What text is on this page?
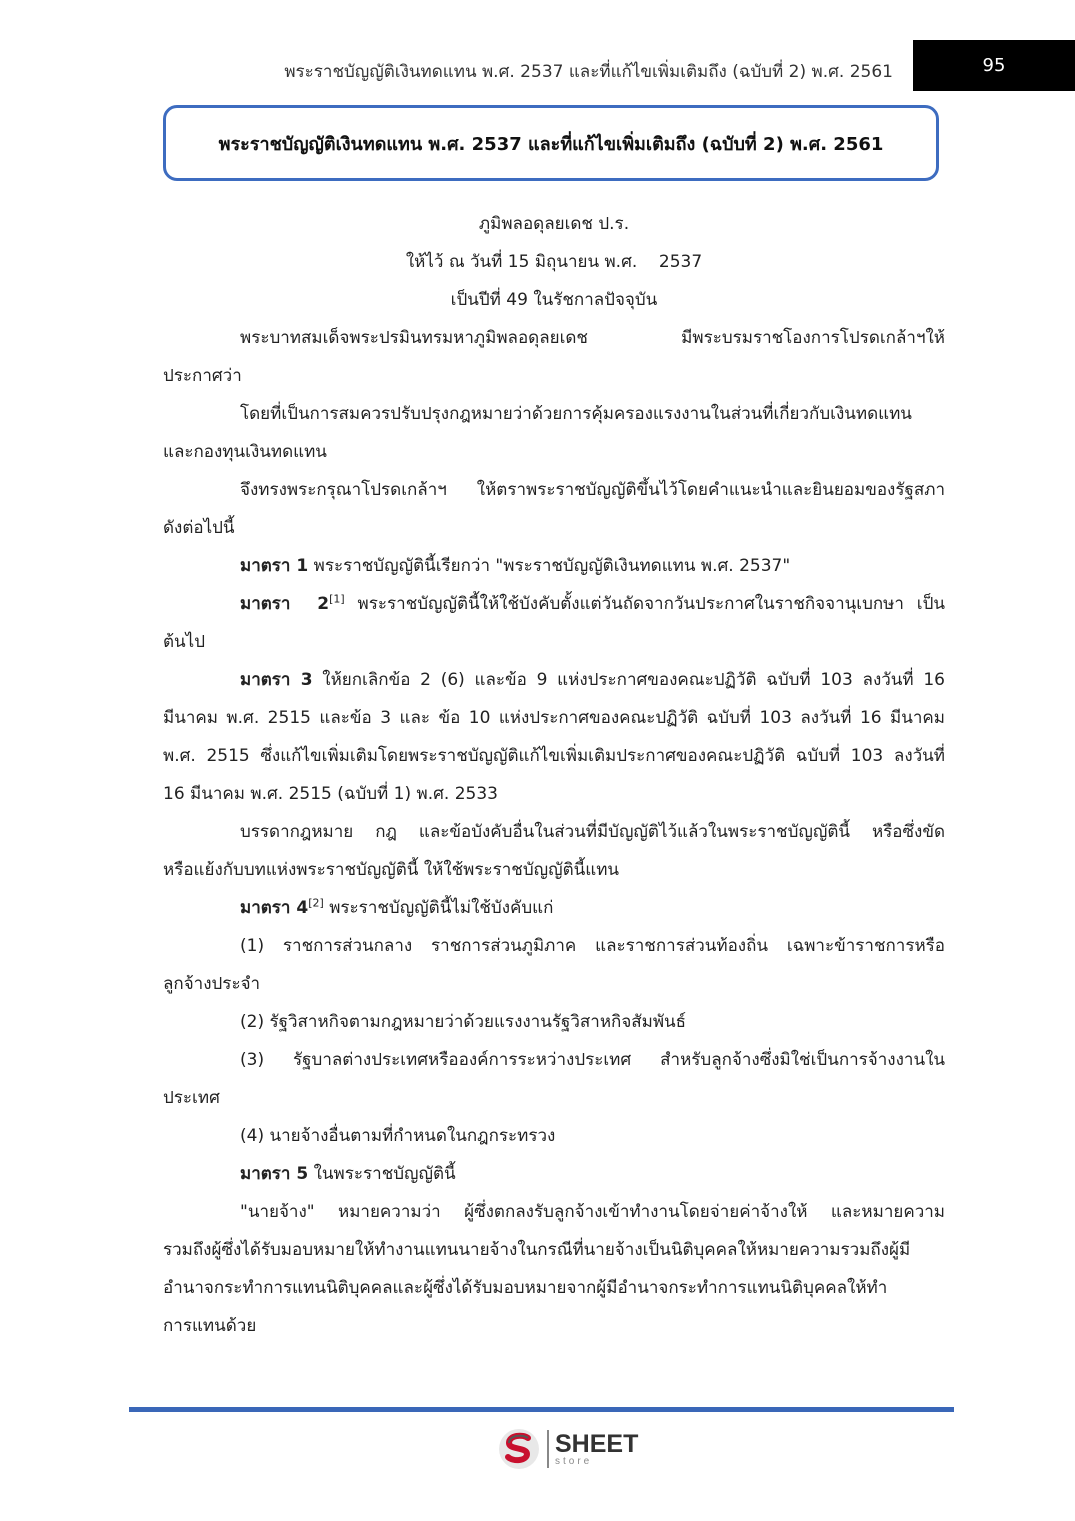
พระราชบัญญัติเงินทดแทน พ.ศ. 2537 และที่แก้ไขเพิ่มเติมถึง (ฉบับที่ 2) พ.ศ. 2561	95
พระราชบัญญัติเงินทดแทน พ.ศ. 2537 และที่แก้ไขเพิ่มเติมถึง (ฉบับที่ 2) พ.ศ. 2561
ภูมิพลอดุลยเดช ป.ร.
ให้ไว้ ณ วันที่ 15 มิถุนายน พ.ศ.    2537
เป็นปีที่ 49 ในรัชกาลปัจจุบัน
พระบาทสมเด็จพระปรมินทรมหาภูมิพลอดุลยเดช มีพระบรมราชโองการโปรดเกล้าฯให้
ประกาศว่า
โดยที่เป็นการสมควรปรับปรุงกฎหมายว่าด้วยการคุ้มครองแรงงานในส่วนที่เกี่ยวกับเงินทดแทน
และกองทุนเงินทดแทน
จึงทรงพระกรุณาโปรดเกล้าฯ ให้ตราพระราชบัญญัติขึ้นไว้โดยคำแนะนำและยินยอมของรัฐสภา
ดังต่อไปนี้
มาตรา 1 พระราชบัญญัตินี้เรียกว่า "พระราชบัญญัติเงินทดแทน พ.ศ. 2537"
มาตรา  2[1] พระราชบัญญัตินี้ให้ใช้บังคับตั้งแต่วันถัดจากวันประกาศในราชกิจจานุเบกษา เป็น
ต้นไป
มาตรา 3 ให้ยกเลิกข้อ 2 (6) และข้อ 9 แห่งประกาศของคณะปฏิวัติ ฉบับที่ 103 ลงวันที่ 16
มีนาคม พ.ศ. 2515 และข้อ 3 และ ข้อ 10 แห่งประกาศของคณะปฏิวัติ ฉบับที่ 103 ลงวันที่ 16 มีนาคม
พ.ศ. 2515 ซึ่งแก้ไขเพิ่มเติมโดยพระราชบัญญัติแก้ไขเพิ่มเติมประกาศของคณะปฏิวัติ ฉบับที่ 103 ลงวันที่
16 มีนาคม พ.ศ. 2515 (ฉบับที่ 1) พ.ศ. 2533
บรรดากฎหมาย กฎ และข้อบังคับอื่นในส่วนที่มีบัญญัติไว้แล้วในพระราชบัญญัตินี้ หรือซึ่งขัด
หรือแย้งกับบทแห่งพระราชบัญญัตินี้ ให้ใช้พระราชบัญญัตินี้แทน
มาตรา 4[2] พระราชบัญญัตินี้ไม่ใช้บังคับแก่
(1) ราชการส่วนกลาง ราชการส่วนภูมิภาค และราชการส่วนท้องถิ่น เฉพาะข้าราชการหรือ
ลูกจ้างประจำ
(2) รัฐวิสาหกิจตามกฎหมายว่าด้วยแรงงานรัฐวิสาหกิจสัมพันธ์
(3) รัฐบาลต่างประเทศหรือองค์การระหว่างประเทศ สำหรับลูกจ้างซึ่งมิใช่เป็นการจ้างงานใน
ประเทศ
(4) นายจ้างอื่นตามที่กำหนดในกฎกระทรวง
มาตรา 5 ในพระราชบัญญัตินี้
"นายจ้าง" หมายความว่า ผู้ซึ่งตกลงรับลูกจ้างเข้าทำงานโดยจ่ายค่าจ้างให้ และหมายความ
รวมถึงผู้ซึ่งได้รับมอบหมายให้ทำงานแทนนายจ้างในกรณีที่นายจ้างเป็นนิติบุคคลให้หมายความรวมถึงผู้มี
อำนาจกระทำการแทนนิติบุคคลและผู้ซึ่งได้รับมอบหมายจากผู้มีอำนาจกระทำการแทนนิติบุคคลให้ทำ
การแทนด้วย
SHEET
store
